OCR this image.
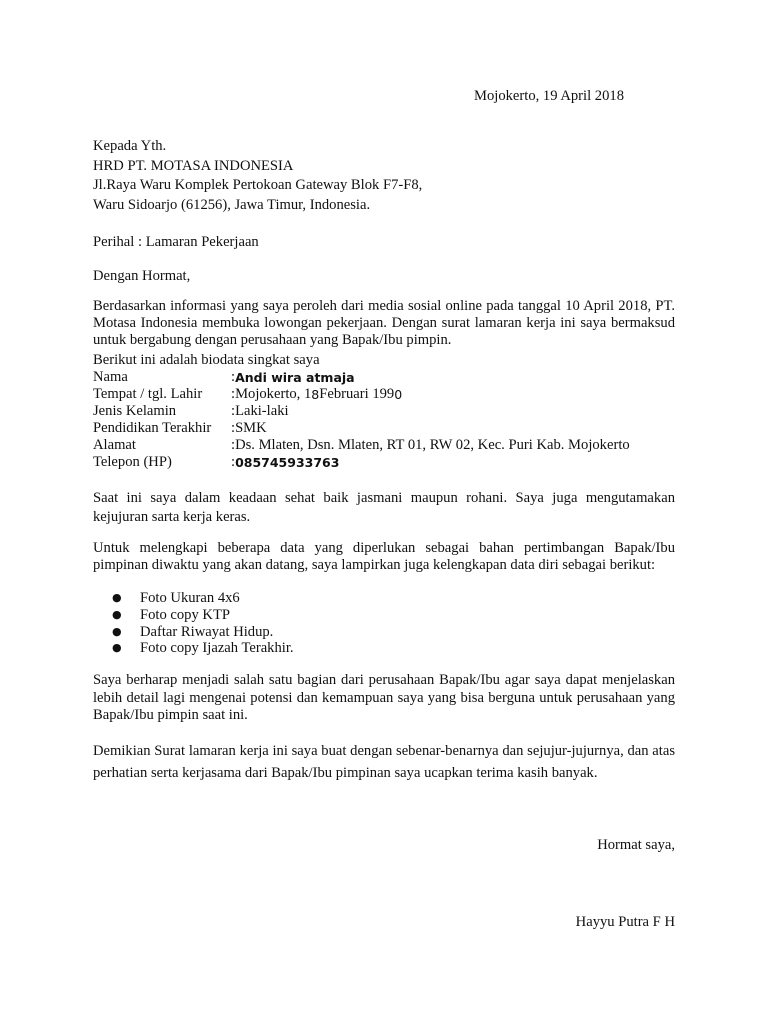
Mojokerto, 19 April 2018
Kepada Yth.
HRD PT. MOTASA INDONESIA
Jl.Raya Waru Komplek Pertokoan Gateway Blok F7-F8,
Waru Sidoarjo (61256), Jawa Timur, Indonesia.
Perihal : Lamaran Pekerjaan
Dengan Hormat,
Berdasarkan informasi yang saya peroleh dari media sosial online pada tanggal 10 April 2018, PT. Motasa Indonesia membuka lowongan pekerjaan. Dengan surat lamaran kerja ini saya bermaksud untuk bergabung dengan perusahaan yang Bapak/Ibu pimpin.
Berikut ini adalah biodata singkat saya
Nama	: Andi wira atmaja
Tempat / tgl. Lahir	: Mojokerto, 1 8 Februari 199 0
Jenis Kelamin	: Laki-laki
Pendidikan Terakhir	: SMK
Alamat	: Ds. Mlaten, Dsn. Mlaten, RT 01, RW 02, Kec. Puri Kab. Mojokerto
Telepon (HP)	: 085745933763
Saat ini saya dalam keadaan sehat baik jasmani maupun rohani. Saya juga mengutamakan kejujuran sarta kerja keras.
Untuk melengkapi beberapa data yang diperlukan sebagai bahan pertimbangan Bapak/Ibu pimpinan diwaktu yang akan datang, saya lampirkan juga kelengkapan data diri sebagai berikut:
●	Foto Ukuran 4x6
●	Foto copy KTP
●	Daftar Riwayat Hidup.
●	Foto copy Ijazah Terakhir.
Saya berharap menjadi salah satu bagian dari perusahaan Bapak/Ibu agar saya dapat menjelaskan lebih detail lagi mengenai potensi dan kemampuan saya yang bisa berguna untuk perusahaan yang Bapak/Ibu pimpin saat ini.
Demikian Surat lamaran kerja ini saya buat dengan sebenar-benarnya dan sejujur-jujurnya, dan atas perhatian serta kerjasama dari Bapak/Ibu pimpinan saya ucapkan terima kasih banyak.
Hormat saya,
Hayyu Putra F H
